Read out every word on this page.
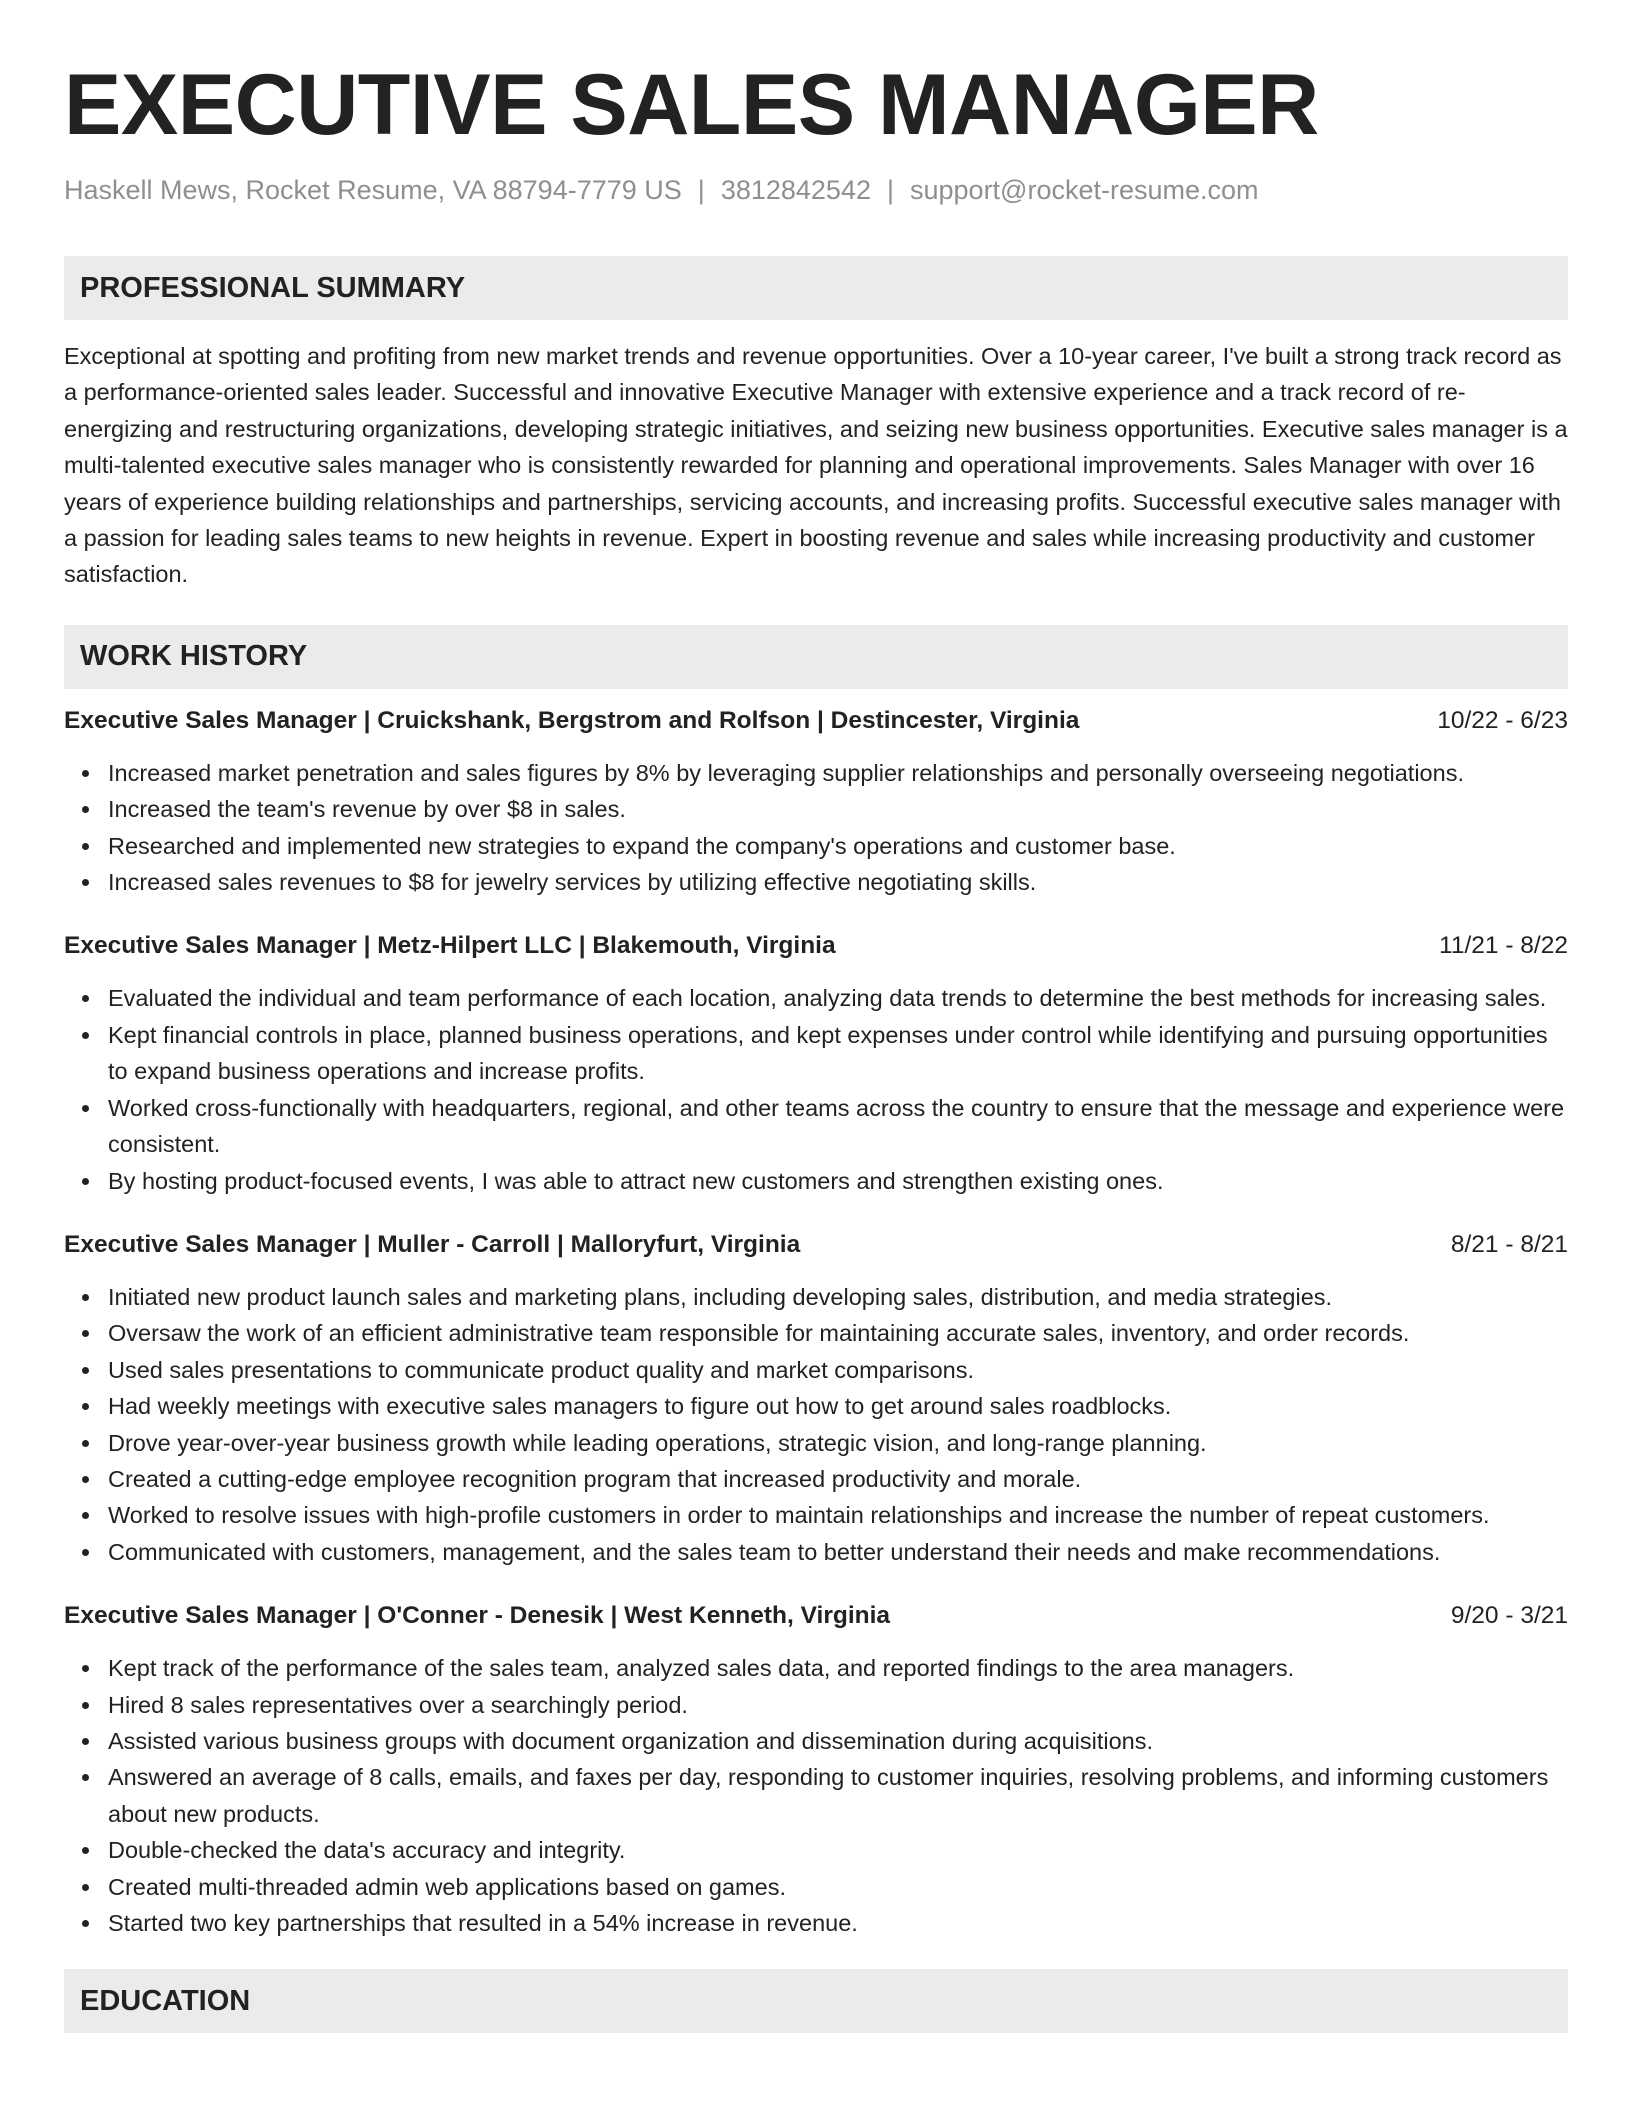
EXECUTIVE SALES MANAGER
Haskell Mews, Rocket Resume, VA 88794-7779 US | 3812842542 | support@rocket-resume.com
PROFESSIONAL SUMMARY
Exceptional at spotting and profiting from new market trends and revenue opportunities. Over a 10-year career, I've built a strong track record as a performance-oriented sales leader. Successful and innovative Executive Manager with extensive experience and a track record of re-energizing and restructuring organizations, developing strategic initiatives, and seizing new business opportunities. Executive sales manager is a multi-talented executive sales manager who is consistently rewarded for planning and operational improvements. Sales Manager with over 16 years of experience building relationships and partnerships, servicing accounts, and increasing profits. Successful executive sales manager with a passion for leading sales teams to new heights in revenue. Expert in boosting revenue and sales while increasing productivity and customer satisfaction.
WORK HISTORY
Executive Sales Manager | Cruickshank, Bergstrom and Rolfson | Destincester, Virginia	10/22 - 6/23
Increased market penetration and sales figures by 8% by leveraging supplier relationships and personally overseeing negotiations.
Increased the team's revenue by over $8 in sales.
Researched and implemented new strategies to expand the company's operations and customer base.
Increased sales revenues to $8 for jewelry services by utilizing effective negotiating skills.
Executive Sales Manager | Metz-Hilpert LLC | Blakemouth, Virginia	11/21 - 8/22
Evaluated the individual and team performance of each location, analyzing data trends to determine the best methods for increasing sales.
Kept financial controls in place, planned business operations, and kept expenses under control while identifying and pursuing opportunities to expand business operations and increase profits.
Worked cross-functionally with headquarters, regional, and other teams across the country to ensure that the message and experience were consistent.
By hosting product-focused events, I was able to attract new customers and strengthen existing ones.
Executive Sales Manager | Muller - Carroll | Malloryfurt, Virginia	8/21 - 8/21
Initiated new product launch sales and marketing plans, including developing sales, distribution, and media strategies.
Oversaw the work of an efficient administrative team responsible for maintaining accurate sales, inventory, and order records.
Used sales presentations to communicate product quality and market comparisons.
Had weekly meetings with executive sales managers to figure out how to get around sales roadblocks.
Drove year-over-year business growth while leading operations, strategic vision, and long-range planning.
Created a cutting-edge employee recognition program that increased productivity and morale.
Worked to resolve issues with high-profile customers in order to maintain relationships and increase the number of repeat customers.
Communicated with customers, management, and the sales team to better understand their needs and make recommendations.
Executive Sales Manager | O'Conner - Denesik | West Kenneth, Virginia	9/20 - 3/21
Kept track of the performance of the sales team, analyzed sales data, and reported findings to the area managers.
Hired 8 sales representatives over a searchingly period.
Assisted various business groups with document organization and dissemination during acquisitions.
Answered an average of 8 calls, emails, and faxes per day, responding to customer inquiries, resolving problems, and informing customers about new products.
Double-checked the data's accuracy and integrity.
Created multi-threaded admin web applications based on games.
Started two key partnerships that resulted in a 54% increase in revenue.
EDUCATION
